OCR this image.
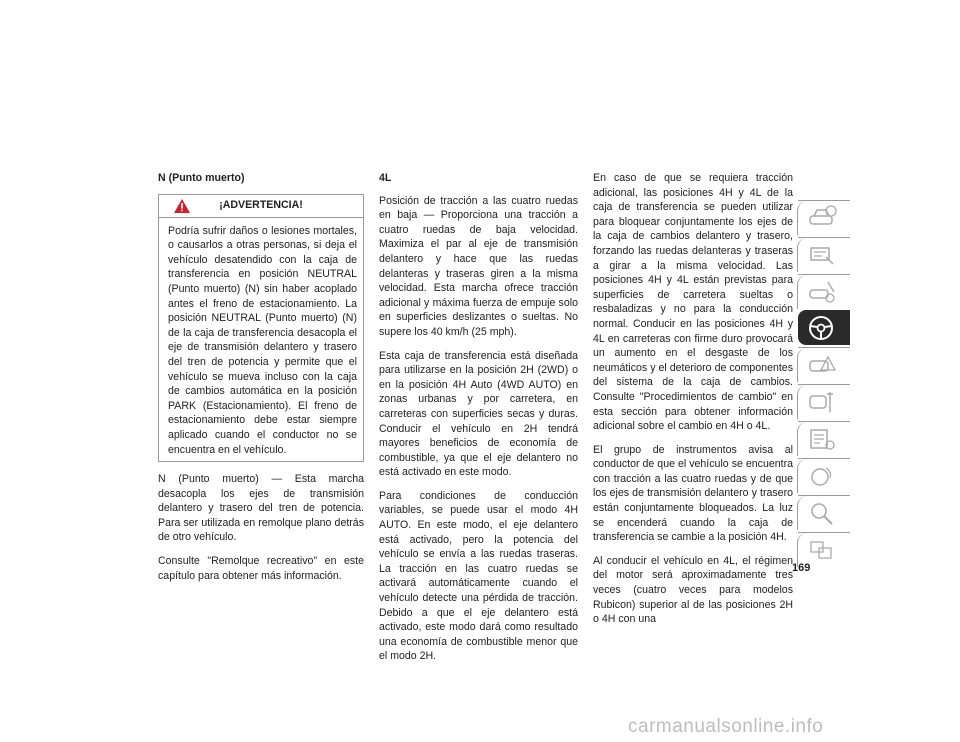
N (Punto muerto)
¡ADVERTENCIA!

Podría sufrir daños o lesiones mortales, o causarlos a otras personas, si deja el vehículo desatendido con la caja de transferencia en posición NEUTRAL (Punto muerto) (N) sin haber acoplado antes el freno de estacionamiento. La posición NEUTRAL (Punto muerto) (N) de la caja de transferencia desacopla el eje de transmisión delantero y trasero del tren de potencia y permite que el vehículo se mueva incluso con la caja de cambios automática en la posición PARK (Estacionamiento). El freno de estacionamiento debe estar siempre aplicado cuando el conductor no se encuentra en el vehículo.

N (Punto muerto) — Esta marcha desacopla los ejes de transmisión delantero y trasero del tren de potencia. Para ser utilizada en remolque plano detrás de otro vehículo.

Consulte "Remolque recreativo" en este capítulo para obtener más información.

4L

Posición de tracción a las cuatro ruedas en baja — Proporciona una tracción a cuatro ruedas de baja velocidad. Maximiza el par al eje de transmisión delantero y hace que las ruedas delanteras y traseras giren a la misma velocidad. Esta marcha ofrece tracción adicional y máxima fuerza de empuje solo en superficies deslizantes o sueltas. No supere los 40 km/h (25 mph).

Esta caja de transferencia está diseñada para utilizarse en la posición 2H (2WD) o en la posición 4H Auto (4WD AUTO) en zonas urbanas y por carretera, en carreteras con superficies secas y duras. Conducir el vehículo en 2H tendrá mayores beneficios de economía de combustible, ya que el eje delantero no está activado en este modo.

Para condiciones de conducción variables, se puede usar el modo 4H AUTO. En este modo, el eje delantero está activado, pero la potencia del vehículo se envía a las ruedas traseras. La tracción en las cuatro ruedas se activará automáticamente cuando el vehículo detecte una pérdida de tracción. Debido a que el eje delantero está activado, este modo dará como resultado una economía de combustible menor que el modo 2H.

En caso de que se requiera tracción adicional, las posiciones 4H y 4L de la caja de transferencia se pueden utilizar para bloquear conjuntamente los ejes de la caja de cambios delantero y trasero, forzando las ruedas delanteras y traseras a girar a la misma velocidad. Las posiciones 4H y 4L están previstas para superficies de carretera sueltas o resbaladizas y no para la conducción normal. Conducir en las posiciones 4H y 4L en carreteras con firme duro provocará un aumento en el desgaste de los neumáticos y el deterioro de componentes del sistema de la caja de cambios. Consulte "Procedimientos de cambio" en esta sección para obtener información adicional sobre el cambio en 4H o 4L.

El grupo de instrumentos avisa al conductor de que el vehículo se encuentra con tracción a las cuatro ruedas y de que los ejes de transmisión delantero y trasero están conjuntamente bloqueados. La luz se encenderá cuando la caja de transferencia se cambie a la posición 4H.

Al conducir el vehículo en 4L, el régimen del motor será aproximadamente tres veces (cuatro veces para modelos Rubicon) superior al de las posiciones 2H o 4H con una

169
carmanualsonline.info
